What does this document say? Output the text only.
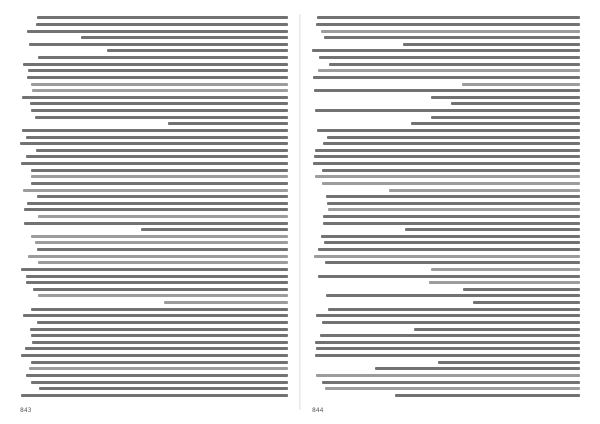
843	844
